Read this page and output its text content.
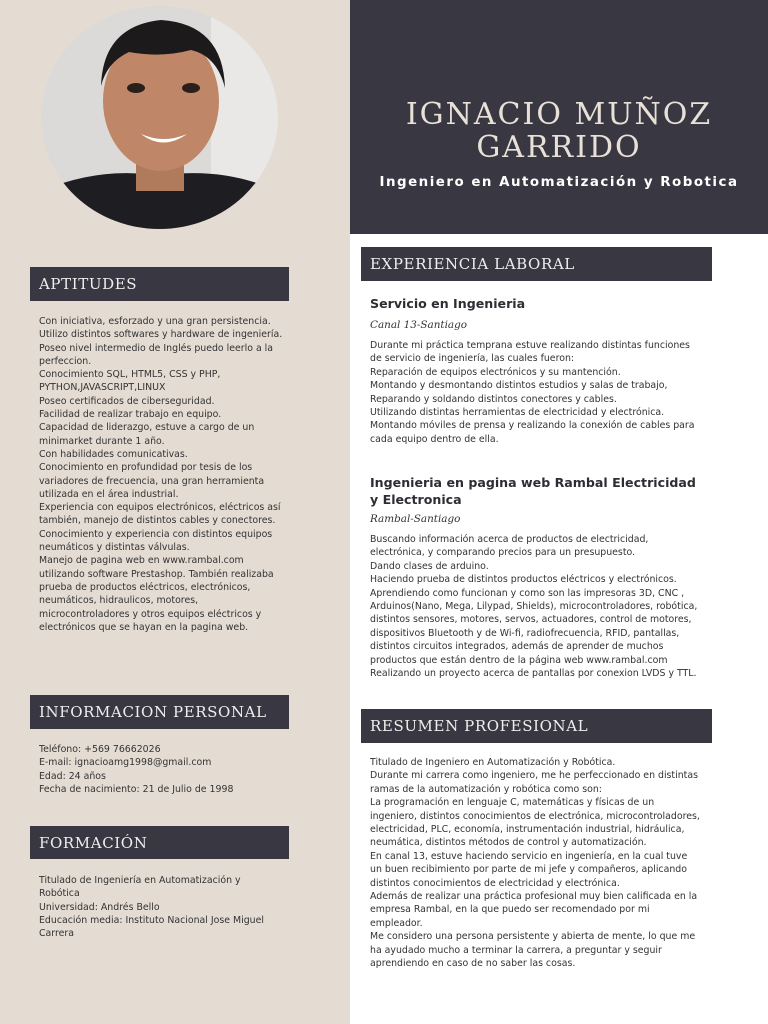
IGNACIO MUÑOZ GARRIDO
Ingeniero en Automatización y Robotica
APTITUDES
Con iniciativa, esforzado y una gran persistencia.
Utilizo distintos softwares y hardware de ingeniería.
Poseo nivel intermedio de Inglés puedo leerlo a la perfeccion.
Conocimiento SQL, HTML5, CSS y PHP, PYTHON,JAVASCRIPT,LINUX
Poseo certificados de ciberseguridad.
Facilidad de realizar trabajo en equipo.
Capacidad de liderazgo, estuve a cargo de un minimarket durante 1 año.
Con habilidades comunicativas.
Conocimiento en profundidad por tesis de los variadores de frecuencia, una gran herramienta utilizada en el área industrial.
Experiencia con equipos electrónicos, eléctricos así también, manejo de distintos cables y conectores.
Conocimiento y experiencia con distintos equipos neumáticos y distintas válvulas.
Manejo de pagina web en www.rambal.com utilizando software Prestashop. También realizaba prueba de productos eléctricos, electrónicos, neumáticos, hidraulicos, motores, microcontroladores y otros equipos eléctricos y electrónicos que se hayan en la pagina web.
INFORMACION PERSONAL
Teléfono: +569 76662026
E-mail: ignacioamg1998@gmail.com
Edad: 24 años
Fecha de nacimiento: 21 de Julio de 1998
FORMACIÓN
Titulado de Ingeniería en Automatización y Robótica
Universidad: Andrés Bello
Educación media: Instituto Nacional Jose Miguel Carrera
EXPERIENCIA LABORAL
Servicio en Ingenieria
Canal 13-Santiago
Durante mi práctica temprana estuve realizando distintas funciones de servicio de ingeniería, las cuales fueron:
Reparación de equipos electrónicos y su mantención.
Montando y desmontando distintos estudios y salas de trabajo,
Reparando y soldando distintos conectores y cables.
Utilizando distintas herramientas de electricidad y electrónica.
Montando móviles de prensa y realizando la conexión de cables para cada equipo dentro de ella.
Ingenieria en pagina web Rambal Electricidad y Electronica
Rambal-Santiago
Buscando información acerca de productos de electricidad, electrónica, y comparando precios para un presupuesto.
Dando clases de arduino.
Haciendo prueba de distintos productos eléctricos y electrónicos.
Aprendiendo como funcionan y como son las impresoras 3D, CNC , Arduinos(Nano, Mega, Lilypad, Shields), microcontroladores, robótica, distintos sensores, motores, servos, actuadores, control de motores, dispositivos Bluetooth y de Wi-fi, radiofrecuencia, RFID, pantallas, distintos circuitos integrados, además de aprender de muchos productos que están dentro de la página web www.rambal.com
Realizando un proyecto acerca de pantallas por conexion LVDS y TTL.
RESUMEN PROFESIONAL
Titulado de Ingeniero en Automatización y Robótica.
Durante mi carrera como ingeniero, me he perfeccionado en distintas ramas de la automatización y robótica como son:
La programación en lenguaje C, matemáticas y físicas de un ingeniero, distintos conocimientos de electrónica, microcontroladores, electricidad, PLC, economía, instrumentación industrial, hidráulica, neumática, distintos métodos de control y automatización.
En canal 13, estuve haciendo servicio en ingeniería, en la cual tuve un buen recibimiento por parte de mi jefe y compañeros, aplicando distintos conocimientos de electricidad y electrónica.
Además de realizar una práctica profesional muy bien calificada en la empresa Rambal, en la que puedo ser recomendado por mi empleador.
Me considero una persona persistente y abierta de mente, lo que me ha ayudado mucho a terminar la carrera, a preguntar y seguir aprendiendo en caso de no saber las cosas.
